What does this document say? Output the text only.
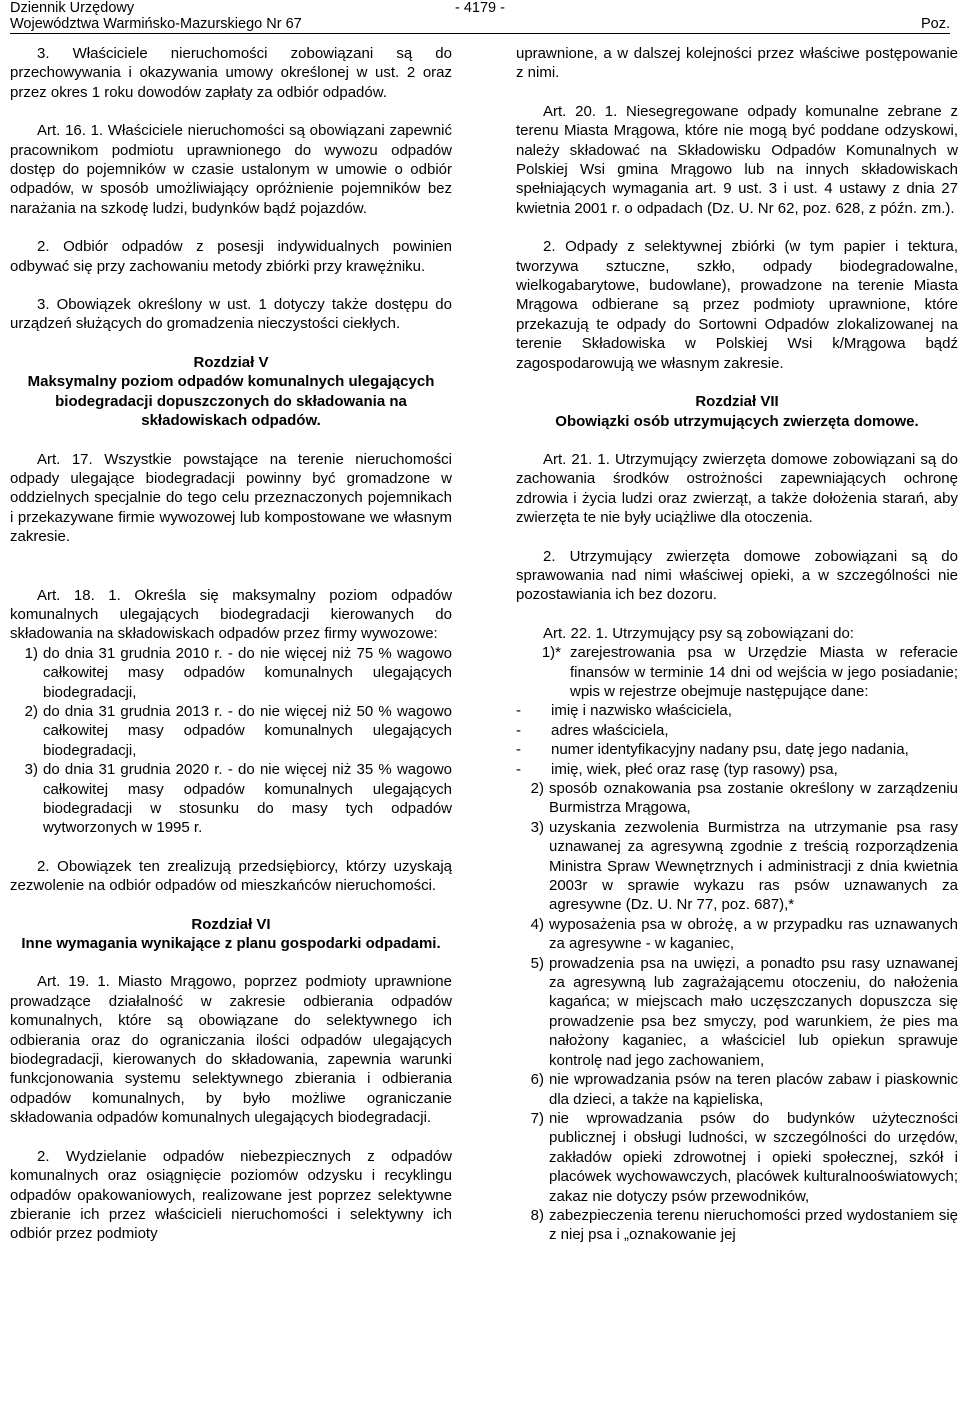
Dziennik Urzędowy
Województwa Warmińsko-Mazurskiego Nr 67
- 4179 -
Poz.

3. Właściciele nieruchomości zobowiązani są do przechowywania i okazywania umowy określonej w ust. 2 oraz przez okres 1 roku dowodów zapłaty za odbiór odpadów.

Art. 16. 1. Właściciele nieruchomości są obowiązani zapewnić pracownikom podmiotu uprawnionego do wywozu odpadów dostęp do pojemników w czasie ustalonym w umowie o odbiór odpadów, w sposób umożliwiający opróżnienie pojemników bez narażania na szkodę ludzi, budynków bądź pojazdów.

2. Odbiór odpadów z posesji indywidualnych powinien odbywać się przy zachowaniu metody zbiórki przy krawężniku.

3. Obowiązek określony w ust. 1 dotyczy także dostępu do urządzeń służących do gromadzenia nieczystości ciekłych.

Rozdział V
Maksymalny poziom odpadów komunalnych ulegających biodegradacji dopuszczonych do składowania na składowiskach odpadów.

Art. 17. Wszystkie powstające na terenie nieruchomości odpady ulegające biodegradacji powinny być gromadzone w oddzielnych specjalnie do tego celu przeznaczonych pojemnikach i przekazywane firmie wywozowej lub kompostowane we własnym zakresie.

Art. 18. 1. Określa się maksymalny poziom odpadów komunalnych ulegających biodegradacji kierowanych do składowania na składowiskach odpadów przez firmy wywozowe:

1) do dnia 31 grudnia 2010 r. - do nie więcej niż 75 % wagowo całkowitej masy odpadów komunalnych ulegających biodegradacji,
2) do dnia 31 grudnia 2013 r. - do nie więcej niż 50 % wagowo całkowitej masy odpadów komunalnych ulegających biodegradacji,
3) do dnia 31 grudnia 2020 r. - do nie więcej niż 35 % wagowo całkowitej masy odpadów komunalnych ulegających biodegradacji w stosunku do masy tych odpadów wytworzonych w 1995 r.

2. Obowiązek ten zrealizują przedsiębiorcy, którzy uzyskają zezwolenie na odbiór odpadów od mieszkańców nieruchomości.

Rozdział VI
Inne wymagania wynikające z planu gospodarki odpadami.

Art. 19. 1. Miasto Mrągowo, poprzez podmioty uprawnione prowadzące działalność w zakresie odbierania odpadów komunalnych, które są obowiązane do selektywnego ich odbierania oraz do ograniczania ilości odpadów ulegających biodegradacji, kierowanych do składowania, zapewnia warunki funkcjonowania systemu selektywnego zbierania i odbierania odpadów komunalnych, by było możliwe ograniczanie składowania odpadów komunalnych ulegających biodegradacji.

2. Wydzielanie odpadów niebezpiecznych z odpadów komunalnych oraz osiągnięcie poziomów odzysku i recyklingu odpadów opakowaniowych, realizowane jest poprzez selektywne zbieranie ich przez właścicieli nieruchomości i selektywny ich odbiór przez podmioty

uprawnione, a w dalszej kolejności przez właściwe postępowanie z nimi.

Art. 20. 1. Niesegregowane odpady komunalne zebrane z terenu Miasta Mrągowa, które nie mogą być poddane odzyskowi, należy składować na Składowisku Odpadów Komunalnych w Polskiej Wsi gmina Mrągowo lub na innych składowiskach spełniających wymagania art. 9 ust. 3 i ust. 4 ustawy z dnia 27 kwietnia 2001 r. o odpadach (Dz. U. Nr 62, poz. 628, z późn. zm.).

2. Odpady z selektywnej zbiórki (w tym papier i tektura, tworzywa sztuczne, szkło, odpady biodegradowalne, wielkogabarytowe, budowlane), prowadzone na terenie Miasta Mrągowa odbierane są przez podmioty uprawnione, które przekazują te odpady do Sortowni Odpadów zlokalizowanej na terenie Składowiska w Polskiej Wsi k/Mrągowa bądź zagospodarowują we własnym zakresie.

Rozdział VII
Obowiązki osób utrzymujących zwierzęta domowe.

Art. 21. 1. Utrzymujący zwierzęta domowe zobowiązani są do zachowania środków ostrożności zapewniających ochronę zdrowia i życia ludzi oraz zwierząt, a także dołożenia starań, aby zwierzęta te nie były uciążliwe dla otoczenia.

2. Utrzymujący zwierzęta domowe zobowiązani są do sprawowania nad nimi właściwej opieki, a w szczególności nie pozostawiania ich bez dozoru.

Art. 22. 1. Utrzymujący psy są zobowiązani do:

1)* zarejestrowania psa w Urzędzie Miasta w referacie finansów w terminie 14 dni od wejścia w jego posiadanie; wpis w rejestrze obejmuje następujące dane:
-	imię i nazwisko właściciela,
-	adres właściciela,
-	numer identyfikacyjny nadany psu, datę jego nadania,
-	imię, wiek, płeć oraz rasę (typ rasowy) psa,
2) sposób oznakowania psa zostanie określony w zarządzeniu Burmistrza Mrągowa,
3) uzyskania zezwolenia Burmistrza na utrzymanie psa rasy uznawanej za agresywną zgodnie z treścią rozporządzenia Ministra Spraw Wewnętrznych i administracji z dnia kwietnia 2003r w sprawie wykazu ras psów uznawanych za agresywne (Dz. U. Nr 77, poz. 687),*
4) wyposażenia psa w obrożę, a w przypadku ras uznawanych za agresywne - w kaganiec,
5) prowadzenia psa na uwięzi, a ponadto psu rasy uznawanej za agresywną lub zagrażającemu otoczeniu, do nałożenia kagańca; w miejscach mało uczęszczanych dopuszcza się prowadzenie psa bez smyczy, pod warunkiem, że pies ma nałożony kaganiec, a właściciel lub opiekun sprawuje kontrolę nad jego zachowaniem,
6) nie wprowadzania psów na teren placów zabaw i piaskownic dla dzieci, a także na kąpieliska,
7) nie wprowadzania psów do budynków użyteczności publicznej i obsługi ludności, w szczególności do urzędów, zakładów opieki zdrowotnej i opieki społecznej, szkół i placówek wychowawczych, placówek kulturalnooświatowych; zakaz nie dotyczy psów przewodników,
8) zabezpieczenia terenu nieruchomości przed wydostaniem się z niej psa i „oznakowanie jej
